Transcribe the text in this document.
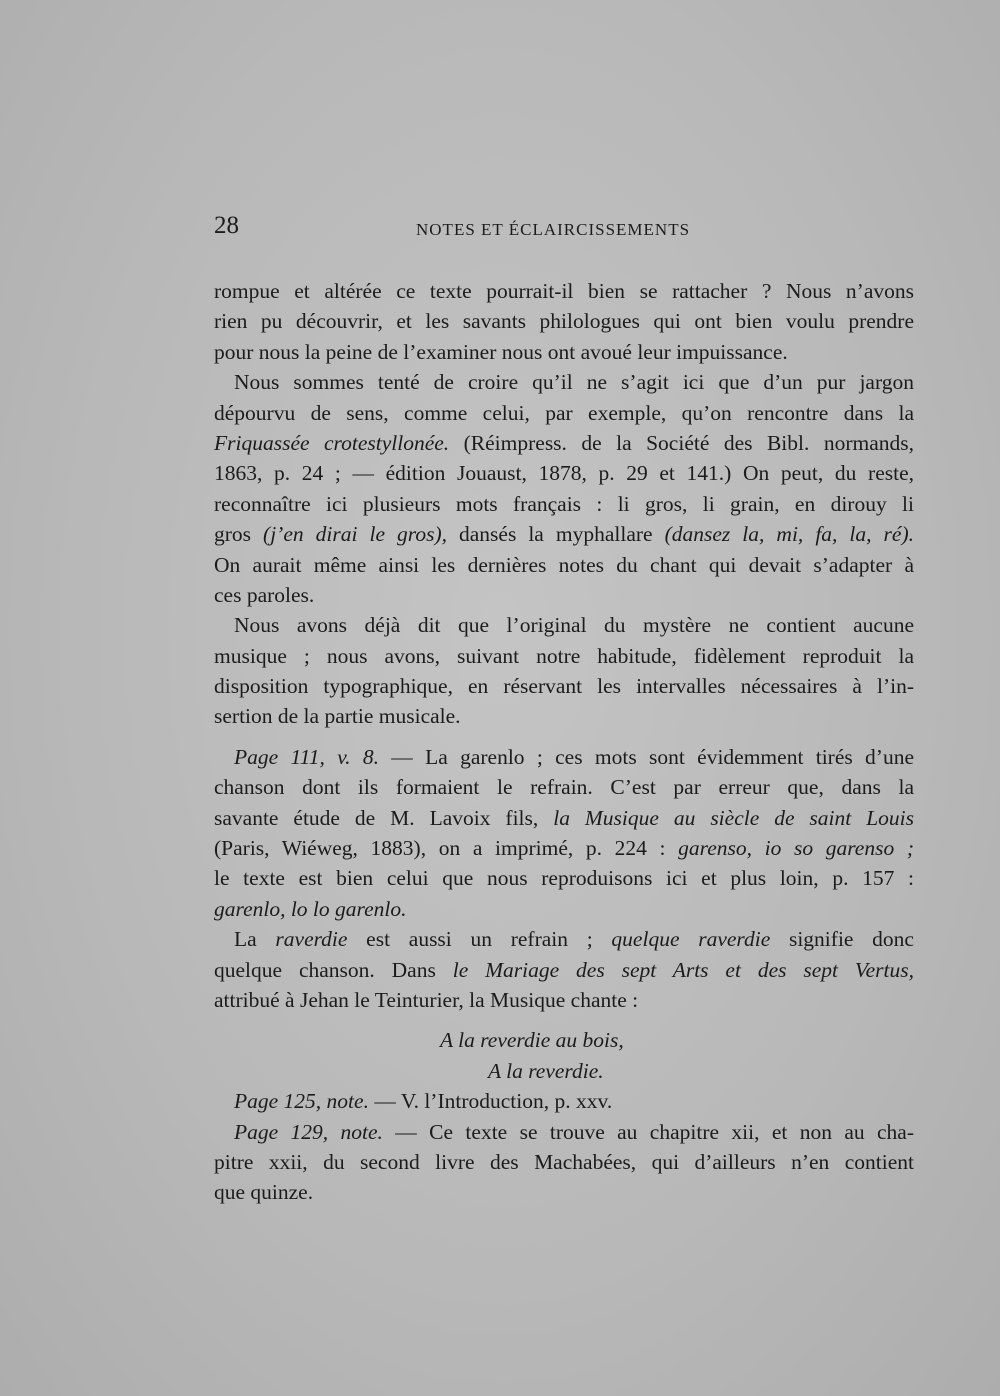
28	NOTES ET ÉCLAIRCISSEMENTS
rompue et altérée ce texte pourrait-il bien se rattacher ? Nous n’avons
rien pu découvrir, et les savants philologues qui ont bien voulu prendre
pour nous la peine de l’examiner nous ont avoué leur impuissance.
Nous sommes tenté de croire qu’il ne s’agit ici que d’un pur jargon
dépourvu de sens, comme celui, par exemple, qu’on rencontre dans la
Friquassée crotestyllonée. (Réimpress. de la Société des Bibl. normands,
1863, p. 24 ; — édition Jouaust, 1878, p. 29 et 141.) On peut, du reste,
reconnaître ici plusieurs mots français : li gros, li grain, en dirouy li
gros (j’en dirai le gros), dansés la myphallare (dansez la, mi, fa, la, ré).
On aurait même ainsi les dernières notes du chant qui devait s’adapter à
ces paroles.
Nous avons déjà dit que l’original du mystère ne contient aucune
musique ; nous avons, suivant notre habitude, fidèlement reproduit la
disposition typographique, en réservant les intervalles nécessaires à l’in-
sertion de la partie musicale.
Page 111, v. 8. — La garenlo ; ces mots sont évidemment tirés d’une
chanson dont ils formaient le refrain. C’est par erreur que, dans la
savante étude de M. Lavoix fils, la Musique au siècle de saint Louis
(Paris, Wiéweg, 1883), on a imprimé, p. 224 : garenso, io so garenso ;
le texte est bien celui que nous reproduisons ici et plus loin, p. 157 :
garenlo, lo lo garenlo.
La raverdie est aussi un refrain ; quelque raverdie signifie donc
quelque chanson. Dans le Mariage des sept Arts et des sept Vertus,
attribué à Jehan le Teinturier, la Musique chante :
A la reverdie au bois,
A la reverdie.
Page 125, note. — V. l’Introduction, p. xxv.
Page 129, note. — Ce texte se trouve au chapitre xii, et non au cha-
pitre xxii, du second livre des Machabées, qui d’ailleurs n’en contient
que quinze.
